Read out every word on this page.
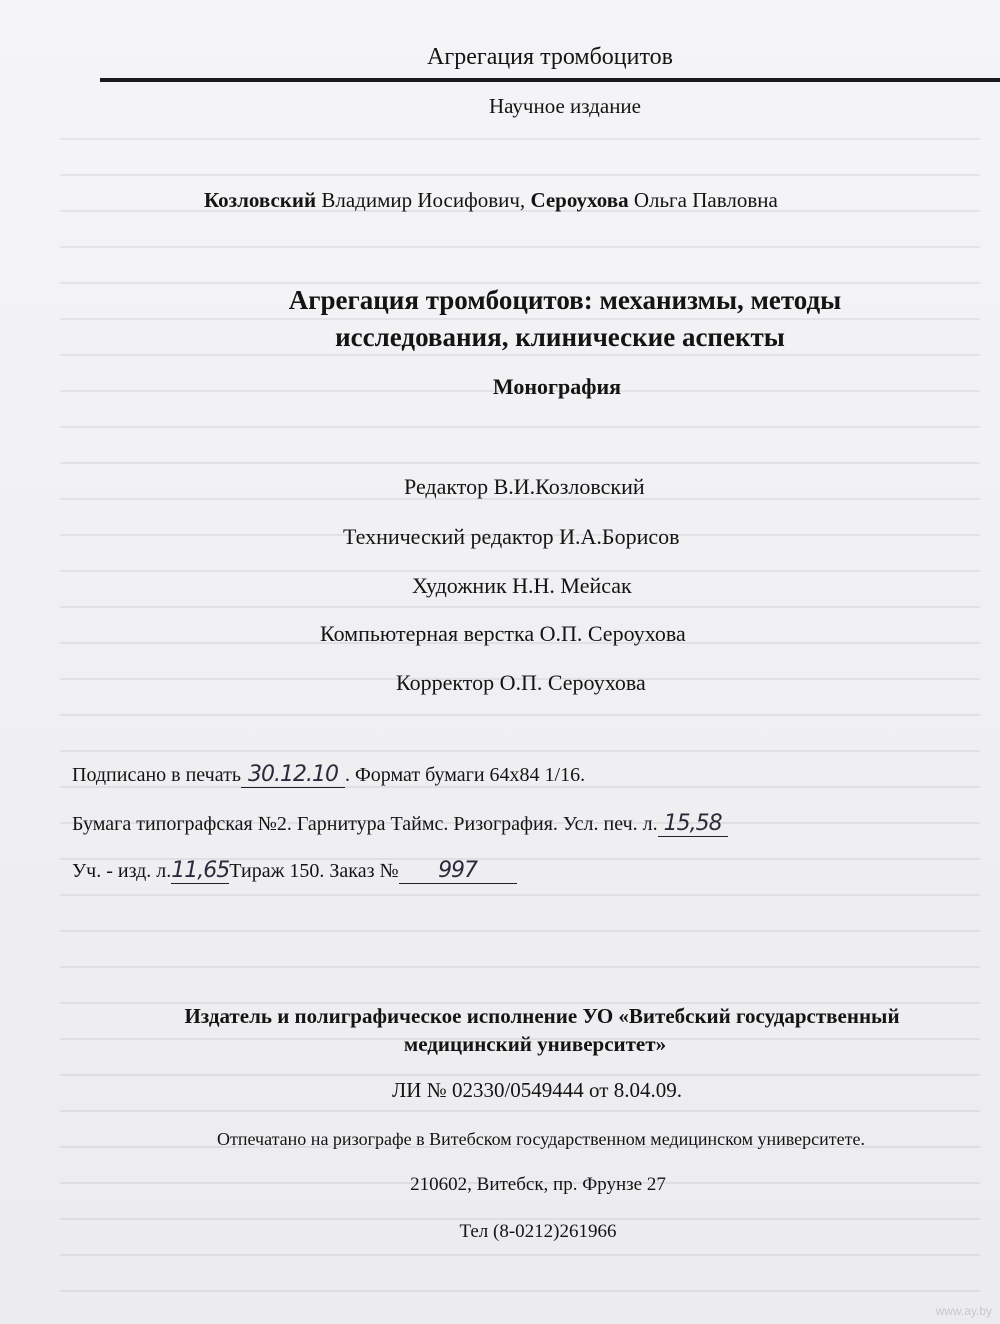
Агрегация тромбоцитов
Научное издание
Козловский Владимир Иосифович, Сероухова Ольга Павловна
Агрегация тромбоцитов: механизмы, методы
исследования, клинические аспекты
Монография
Редактор В.И.Козловский
Технический редактор И.А.Борисов
Художник Н.Н. Мейсак
Компьютерная верстка О.П. Сероухова
Корректор О.П. Сероухова
Подписано в печать 30.12.10 . Формат бумаги 64х84 1/16.
Бумага типографская №2. Гарнитура Таймс. Ризография. Усл. печ. л. 15,58
Уч. - изд. л.11,65Тираж 150. Заказ № 997
Издатель и полиграфическое исполнение УО «Витебский государственный
медицинский университет»
ЛИ № 02330/0549444 от 8.04.09.
Отпечатано на ризографе в Витебском государственном медицинском университете.
210602, Витебск, пр. Фрунзе 27
Тел (8-0212)261966
www.ay.by
